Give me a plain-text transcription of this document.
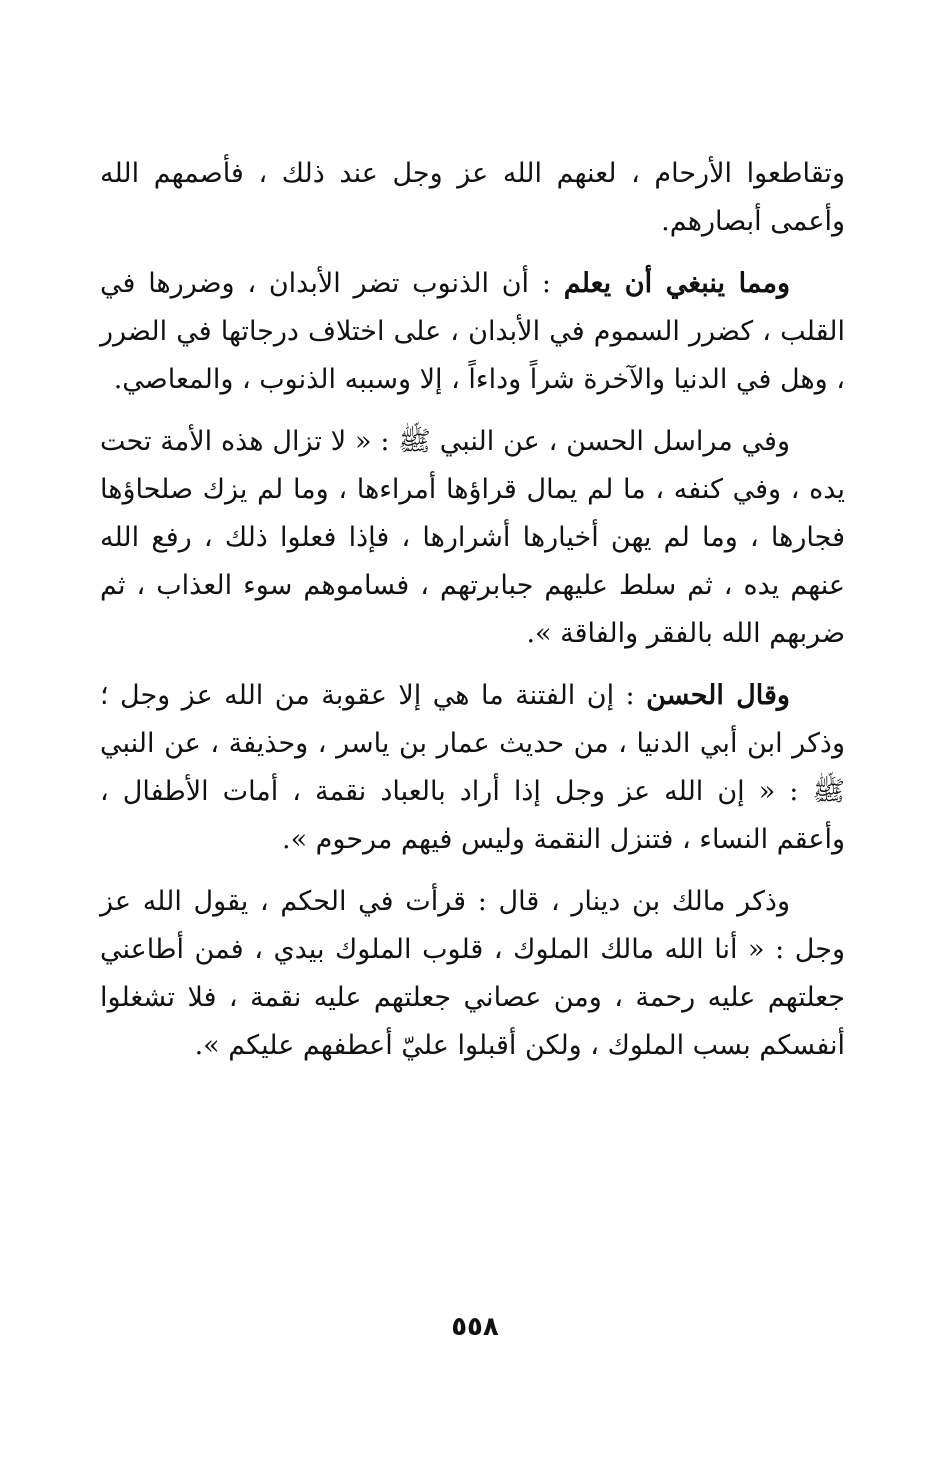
وتقاطعوا الأرحام ، لعنهم الله عز وجل عند ذلك ، فأصمهم الله وأعمى أبصارهم.

ومما ينبغي أن يعلم : أن الذنوب تضر الأبدان ، وضررها في القلب ، كضرر السموم في الأبدان ، على اختلاف درجاتها في الضرر ، وهل في الدنيا والآخرة شراً وداءاً ، إلا وسببه الذنوب ، والمعاصي.

وفي مراسل الحسن ، عن النبي ﷺ : « لا تزال هذه الأمة تحت يده ، وفي كنفه ، ما لم يمال قراؤها أمراءها ، وما لم يزك صلحاؤها فجارها ، وما لم يهن أخيارها أشرارها ، فإذا فعلوا ذلك ، رفع الله عنهم يده ، ثم سلط عليهم جبابرتهم ، فساموهم سوء العذاب ، ثم ضربهم الله بالفقر والفاقة ».

وقال الحسن : إن الفتنة ما هي إلا عقوبة من الله عز وجل ؛ وذكر ابن أبي الدنيا ، من حديث عمار بن ياسر ، وحذيفة ، عن النبي ﷺ : « إن الله عز وجل إذا أراد بالعباد نقمة ، أمات الأطفال ، وأعقم النساء ، فتنزل النقمة وليس فيهم مرحوم ».

وذكر مالك بن دينار ، قال : قرأت في الحكم ، يقول الله عز وجل : « أنا الله مالك الملوك ، قلوب الملوك بيدي ، فمن أطاعني جعلتهم عليه رحمة ، ومن عصاني جعلتهم عليه نقمة ، فلا تشغلوا أنفسكم بسب الملوك ، ولكن أقبلوا عليّ أعطفهم عليكم ».

٥٥٨
